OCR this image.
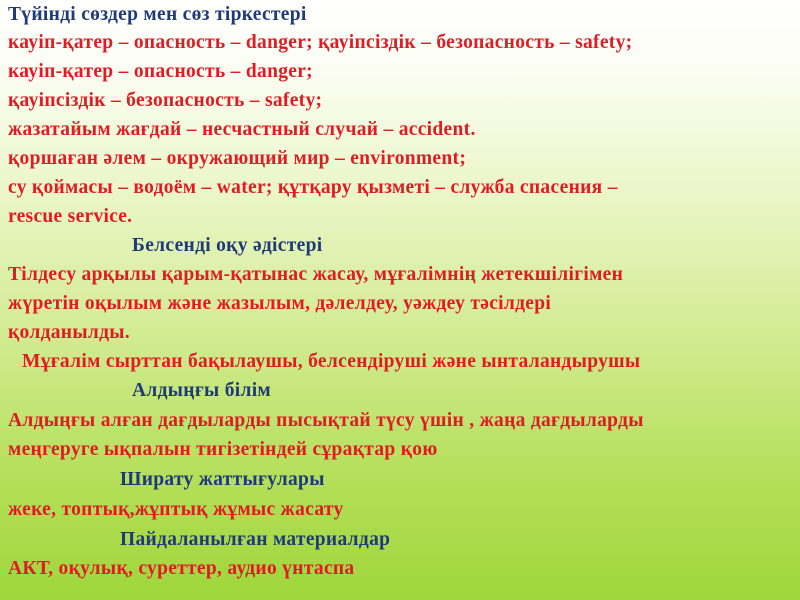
Түйінді сөздер мен сөз тіркестері
кауіп-қатер – опасность – danger; қауіпсіздік – безопасность – safety;
кауіп-қатер – опасность – danger;
қауіпсіздік – безопасность – safety;
жазатайым жағдай – несчастный случай – accident.
қоршаған әлем – окружающий мир – environment;
су қоймасы – водоём – water; құтқару қызметі – служба спасения –
rescue service.
Белсенді оқу әдістері
Тілдесу арқылы қарым-қатынас жасау, мұғалімнің жетекшілігімен
жүретін оқылым және жазылым, дәлелдеу, уәждеу тәсілдері
қолданылды.
Мұғалім сырттан бақылаушы, белсендіруші және ынталандырушы
Алдыңғы білім
Алдыңғы алған дағдыларды пысықтай түсу үшін , жаңа дағдыларды
меңгеруге ықпалын тигізетіндей сұрақтар қою
Ширату жаттығулары
жеке, топтық,жұптық жұмыс жасату
Пайдаланылған материалдар
АКТ, оқулық, суреттер, аудио үнтаспа
